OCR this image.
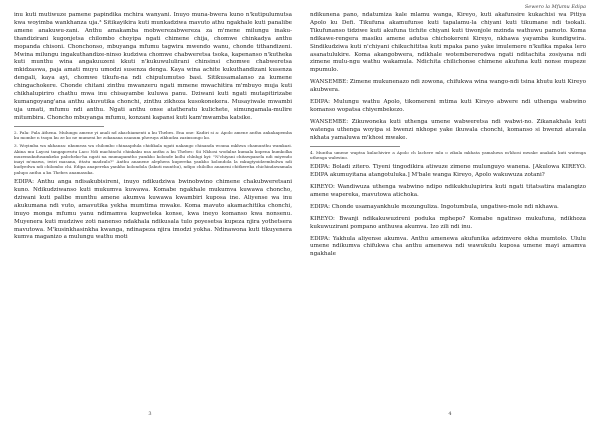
inu kuti mutiwuze pamene papindika mchira wanyani. Inuyo muna-bwera kuno n'kutipulumutsa kwa woyimba wankhanza uja.³ Sitikayikira kuti munkadziwa mavuto athu ngakhale kuti panalibe amene anakuwu-zani. Anthu amakamba mobwerezabwereza za m'mene milungu inaku-thandizirani kugonjetsa chilombo choyipa ngati chimene chija, chomwe chinkadya anthu mopanda chisoni. Chonchonso, mbuyanga mfumu tagwira mwendo wanu, chonde tithandizeni. Mwina milungu ingakuthandize-ninso kudziwa chomwe chabweretsa tsoka, kapenanso n'kutheka kuti munthu wina angakuuzeni kkuti n'kukuwululirani chinsinsi chomwe chabweretsa mkidzaswa, paja amati muyu umodzi susenza denga. Kaya wina achite kukuthandizani kusenza dengali, kaya ayi, chomwe tikufu-na ndi chipulumutso basi. Sitikusamalanso za kumene chingachokere. Chonde chitani zinthu mwanzeru ngati mmene mwachitira m'mbuyo muja kuti chikhalupiriro chathu mwa inu chisayambe kuluwa panu. Dziwani kuti ngati mutapitirizabe kumangoyang'ana anthu akuvutika chonchi, zinthu zikhoza kusokonekera. Musayiwale mwambi uja umati, mfumu ndi anthu. Ngati anthu onse atatheratu kulichete, simungamala-mulire mitumbira. Choncho mbuyanga mfumu, konzani kapansi kuti kam'mwamba katsike.

2. Pala: Pala Athena. Mulungu amene yi anali nd akachiamenti a ku Thebes. Ena one: Kadiri si a: Apolo amene anthu ankakapemba ku mombe n tsopu ku ze ko ne mumeni be zokanana nsanum pheruya zikhudza zazinsongo ko.

3. Woyimba wa nkhanza: nkumeza wa chilombo chinaapdula chidikala ngati nakango chinanda wouna mkhwa chamunthu wamkazi. Akina mu Layosi tangapovutu Laco Ndi machinchi chinkaku nsa anthu a ku Thebes: Sii Nkhosi wodalnz kumala kopena kumkolka muzemukufusamkeko pabcheko-ha ngati na mumapamtho yamkho kolonde kolhi chlnhgi kyi: "N'chiyani chitawpanela ndi miyendo inayi m'mawa, iwiri masana, ittatu madzulo?" Anthu ananene alephera kupereka yankho kolondola la mkugtyoidzembulwa ndi kudyedwa ndi chilombo chi. Edipa anapereka yankho kolondola (lakuti munthu), ndipo chilolho ananeni chitkereka chichindawamala palupo anthu a ku Thebes anamasuka.

EDIPA: Anthu anga ndisakubisireni, inuyo ndikudziwa bwinobwino chimene chakubweretsani kuno. Ndikudziwanso kuti mukumva kuwawa. Komabe ngakhale mukumva kuwawa choncho, dziwani kuti palibe munthu amene akumva kuwawa kwambiri kuposa ine. Aliyense wa inu akukumana ndi vuto, amavutika yekha mumtima mwake. Koma mavuto akamachitika chonchi, inuyo monga mfumu yanu ndimamva kupweteka konse, kwa ineyo komanso kwa nonsenu. Muyenera kuti mudziwe zoti nanenso ndakhala ndikusala tulo poyesetsa kupeza njira yothetsera mavutowa. M'kusinkhasinkha kwanga, ndinapeza njira imodzi yokha. Ndinawona kuti tikuyenera kumva maganizo a mulungu wathu moti

3
Sewero la Mfumu Edipa

ndikunena pano, ndatumiza kale mlamu wanga, Kireyo, kuti akafunsire kukachisi wa Pitiya Apolo ku Defi. Tikufuna akamufunse kuti tapalamu-la chiyani kuti tikumane ndi tsokali. Tikufunanso tidziwe kuti akufuna tichite chiyani kuti tiwonjole mzinda wathuwu pamoto. Koma ndikawe-rengera masiku amene adutsa chichokereni Kireyo, nkhawa yayamba kundigwira. Sindikudziwa kuti n'chiyani chikuchititsa kuti mpaka pano yake imulemere n'kufika mpaka lero asanatulukire. Koma akangobwera, ndikhale wotembereredwa ngati nditachita zosiyana ndi zimene mulu-ngu wathu wakamula. Ndichita chilichonse chimene akufuna kuti nonse mupeze mpumulo.

WANSEMBE: Zimene mukunenazo ndi zowona, chifukwa wina wango-ndi tsina khutu kuti Kireyo akubwera.

EDIPA: Mulungu wathu Apolo, tikomereni mtima kuti Kireyo abwere ndi uthenga wabwino komanso wopatsa chiyembekezo.

WANSEMBE: Zikuwoneka kuti uthenga umene wabweretsa ndi wabwi-no. Zikanakhala kuti watenga uthenga woyipa si bwenzi nkhope yake ikuwala chonchi, komanso si bwenzi atavala nkhata yamaluwa m'khosi mwake.

4. Muntha umene waptsa kulachivire a Apolo ch lachere mlu o zikula mkhata yamaluwa m'khosi mwake anakala kuti watenga uthenga wabwino.

EDIPA: Boladi zitero. Tiyeni tingodikira atiwuze zimene mulunguyo wanena. [Akulowa KIREYO. EDIPA akumuyitana atangotuluka.] M'bale wanga Kireyo, Apolo wakuwuza zotani?

KIREYO: Wandiwuza uthenga wabwino ndipo ndikukhulupirira kuti ngati titatsatira malangizo amene wapereka, mavutowa atichoka.

EDIPA: Chonde usamayankhule mozunguliza. Ingotumbula, ungatiwo-mole ndi nkhawa.

KIREYO: Bwanji ndikakuwuzireni poduka mphepo? Komabe ngatinso mukufuna, ndikhoza kukuwuzirani pompano anthuwa akumva. Izo zili ndi inu.

EDIPA: Yakhula aliyense akumva. Anthu amenewa akufunika adzimvere okha mumtolo. Ululu umene ndikumva chifukwa cha anthu amenewa ndi wawukulu kuposa umene mayi amamva ngakhale

4
